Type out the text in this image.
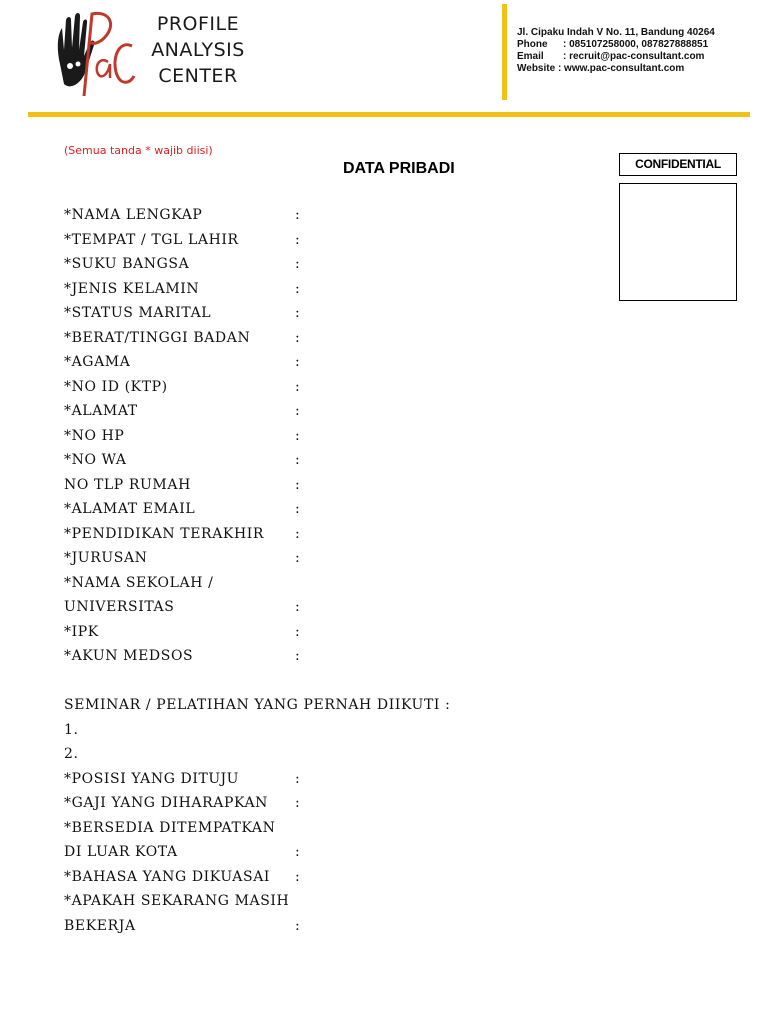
PROFILE
ANALYSIS
CENTER
Jl. Cipaku Indah V No. 11, Bandung 40264
Phone : 085107258000, 087827888851
Email : recruit@pac-consultant.com
Website : www.pac-consultant.com
(Semua tanda * wajib diisi)
DATA PRIBADI	CONFIDENTIAL
*NAMA LENGKAP	:
*TEMPAT / TGL LAHIR	:
*SUKU BANGSA	:
*JENIS KELAMIN	:
*STATUS MARITAL	:
*BERAT/TINGGI BADAN	:
*AGAMA	:
*NO ID (KTP)	:
*ALAMAT	:
*NO HP	:
*NO WA	:
NO TLP RUMAH	:
*ALAMAT EMAIL	:
*PENDIDIKAN TERAKHIR :
*JURUSAN	:
*NAMA SEKOLAH /
UNIVERSITAS	:
*IPK	:
*AKUN MEDSOS	:
SEMINAR / PELATIHAN YANG PERNAH DIIKUTI :
1.
2.
*POSISI YANG DITUJU	:
*GAJI YANG DIHARAPKAN :
*BERSEDIA DITEMPATKAN
DI LUAR KOTA	:
*BAHASA YANG DIKUASAI :
*APAKAH SEKARANG MASIH
BEKERJA	:
